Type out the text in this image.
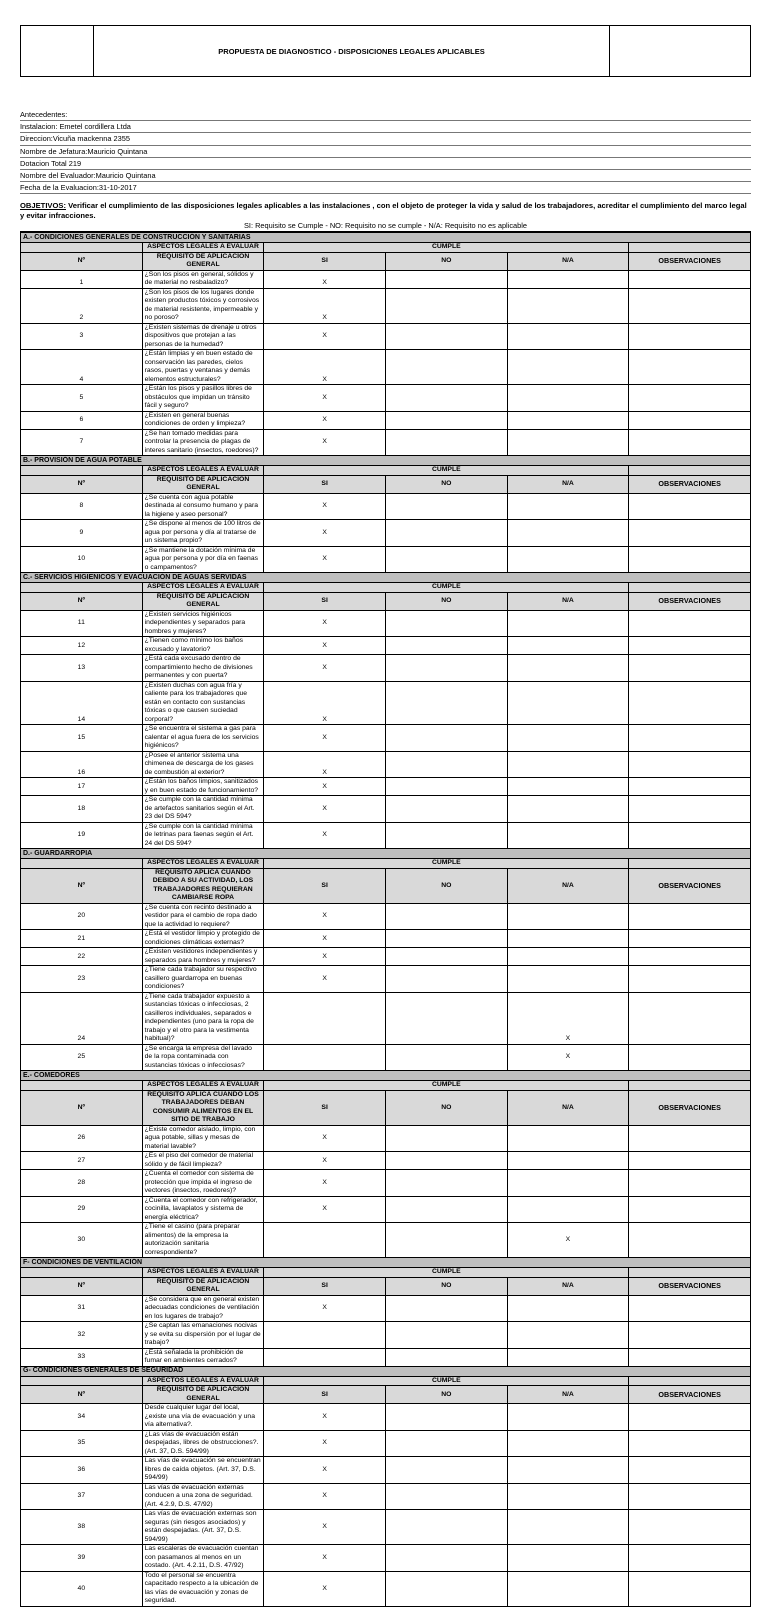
PROPUESTA DE DIAGNOSTICO - DISPOSICIONES LEGALES APLICABLES
Antecedentes:
Instalacion: Emetel cordillera Ltda
Direccion:Vicuña mackenna 2355
Nombre de Jefatura:Mauricio Quintana
Dotacion Total 219
Nombre del Evaluador:Mauricio Quintana
Fecha de la Evaluacion:31-10-2017
OBJETIVOS: Verificar el cumplimiento de las disposiciones legales aplicables a las instalaciones , con el objeto de proteger la vida y salud de los trabajadores, acreditar el cumplimiento del marco legal y evitar infracciones.
SI: Requisito se Cumple - NO: Requisito no se cumple - N/A: Requisito no es aplicable
A.- CONDICIONES GENERALES DE CONSTRUCCIÓN Y SANITARIAS					
	ASPECTOS LEGALES A EVALUAR	CUMPLE			
Nº	REQUISITO DE APLICACIÓN GENERAL	SI	NO	N/A	OBSERVACIONES
1	¿Son los pisos en general, sólidos y de material no resbaladizo?	X			
2	¿Son los pisos de los lugares donde existen productos tóxicos y corrosivos de material resistente, impermeable y no poroso?	X			
3	¿Existen sistemas de drenaje u otros dispositivos que protejan a las personas de la humedad?	X			
4	¿Están limpias y en buen estado de conservación las paredes, cielos rasos, puertas y ventanas y demás elementos estructurales?	X			
5	¿Están los pisos y pasillos libres de obstáculos que impidan un tránsito fácil y seguro?	X			
6	¿Existen en general buenas condiciones de orden y limpieza?	X			
7	¿Se han tomado medidas para controlar la presencia de plagas de interes sanitario (insectos, roedores)?	X			
B.- PROVISIÓN DE AGUA POTABLE					
	ASPECTOS LEGALES A EVALUAR	CUMPLE			
Nº	REQUISITO DE APLICACIÓN GENERAL	SI	NO	N/A	OBSERVACIONES
8	¿Se cuenta con agua potable destinada al consumo humano y para la higiene y aseo personal?	X			
9	¿Se dispone al menos de 100 litros de agua por persona y día al tratarse de un sistema propio?	X			
10	¿Se mantiene la dotación mínima de agua por persona y por día en faenas o campamentos?	X			
C.- SERVICIOS HIGIENICOS Y EVACUACIÓN DE AGUAS SERVIDAS					
	ASPECTOS LEGALES A EVALUAR	CUMPLE			
Nº	REQUISITO DE APLICACIÓN GENERAL	SI	NO	N/A	OBSERVACIONES
11	¿Existen servicios higiénicos independientes y separados para hombres y mujeres?	X			
12	¿Tienen como mínimo los baños excusado y lavatorio?	X			
13	¿Está cada excusado dentro de compartimiento hecho de divisiones permanentes y con puerta?	X			
14	¿Existen duchas con agua fría y caliente para los trabajadores que están en contacto con sustancias tóxicas o que causen suciedad corporal?	X			
15	¿Se encuentra el sistema a gas para calentar el agua fuera de los servicios higiénicos?	X			
16	¿Posee el anterior sistema una chimenea de descarga de los gases de combustión al exterior?	X			
17	¿Están los baños limpios, sanitizados y en buen estado de funcionamiento?	X			
18	¿Se cumple con la cantidad mínima de artefactos sanitarios según el Art. 23 del DS 594?	X			
19	¿Se cumple con la cantidad mínima de letrinas para faenas según el Art. 24 del DS 594?	X			
D.- GUARDARROPIA					
	ASPECTOS LEGALES A EVALUAR	CUMPLE			
Nº	REQUISITO APLICA CUANDO DEBIDO A SU ACTIVIDAD, LOS TRABAJADORES REQUIERAN CAMBIARSE ROPA	SI	NO	N/A	OBSERVACIONES
20	¿Se cuenta con recinto destinado a vestidor para el cambio de ropa dado que la actividad lo requiere?	X			
21	¿Está el vestidor limpio y protegido de condiciones climáticas externas?	X			
22	¿Existen vestidores independientes y separados para hombres y mujeres?	X			
23	¿Tiene cada trabajador su respectivo casillero guardarropa en buenas condiciones?	X			
24	¿Tiene cada trabajador expuesto a sustancias tóxicas o infecciosas, 2 casilleros individuales, separados e independientes (uno para la ropa de trabajo y el otro para la vestimenta habitual)?			X	
25	¿Se encarga la empresa del lavado de la ropa contaminada con sustancias tóxicas o infecciosas?			X	
E.- COMEDORES					
	ASPECTOS LEGALES A EVALUAR	CUMPLE			
Nº	REQUISITO APLICA CUANDO LOS TRABAJADORES DEBAN CONSUMIR ALIMENTOS EN EL SITIO DE TRABAJO	SI	NO	N/A	OBSERVACIONES
26	¿Existe comedor aislado, limpio, con agua potable, sillas y mesas de material lavable?	X			
27	¿Es el piso del comedor de material sólido y de fácil limpieza?	X			
28	¿Cuenta el comedor con sistema de protección que impida el ingreso de vectores (insectos, roedores)?	X			
29	¿Cuenta el comedor con refrigerador, cocinilla, lavaplatos y sistema de energía eléctrica?	X			
30	¿Tiene el casino (para preparar alimentos) de la empresa la autorización sanitaria correspondiente?			X	
F- CONDICIONES DE VENTILACIÓN					
	ASPECTOS LEGALES A EVALUAR	CUMPLE			
Nº	REQUISITO DE APLICACIÓN GENERAL	SI	NO	N/A	OBSERVACIONES
31	¿Se considera que en general existen adecuadas condiciones de ventilación en los lugares de trabajo?	X			
32	¿Se captan las emanaciones nocivas y se evita su dispersión por el lugar de trabajo?				
33	¿Está señalada la prohibición de fumar en ambientes cerrados?				
G- CONDICIONES GENERALES DE SEGURIDAD					
	ASPECTOS LEGALES A EVALUAR	CUMPLE			
Nº	REQUISITO DE APLICACIÓN GENERAL	SI	NO	N/A	OBSERVACIONES
34	Desde cualquier lugar del local, ¿existe una vía de evacuación y una vía alternativa?.	X			
35	¿Las vías de evacuación están despejadas, libres de obstrucciones?.(Art. 37, D.S. 594/99)	X			
36	Las vías de evacuación se encuentran libres de caída objetos. (Art. 37, D.S. 594/99)	X			
37	Las vías de evacuación externas conducen a una zona de seguridad. (Art. 4.2.9, D.S. 47/92)	X			
38	Las vías de evacuación externas son seguras (sin riesgos asociados) y están despejadas. (Art. 37, D.S. 594/99)	X			
39	Las escaleras de evacuación cuentan con pasamanos al menos en un costado. (Art. 4.2.11, D.S. 47/92)	X			
40	Todo el personal se encuentra capacitado respecto a la ubicación de las vías de evacuación y zonas de seguridad.	X			
